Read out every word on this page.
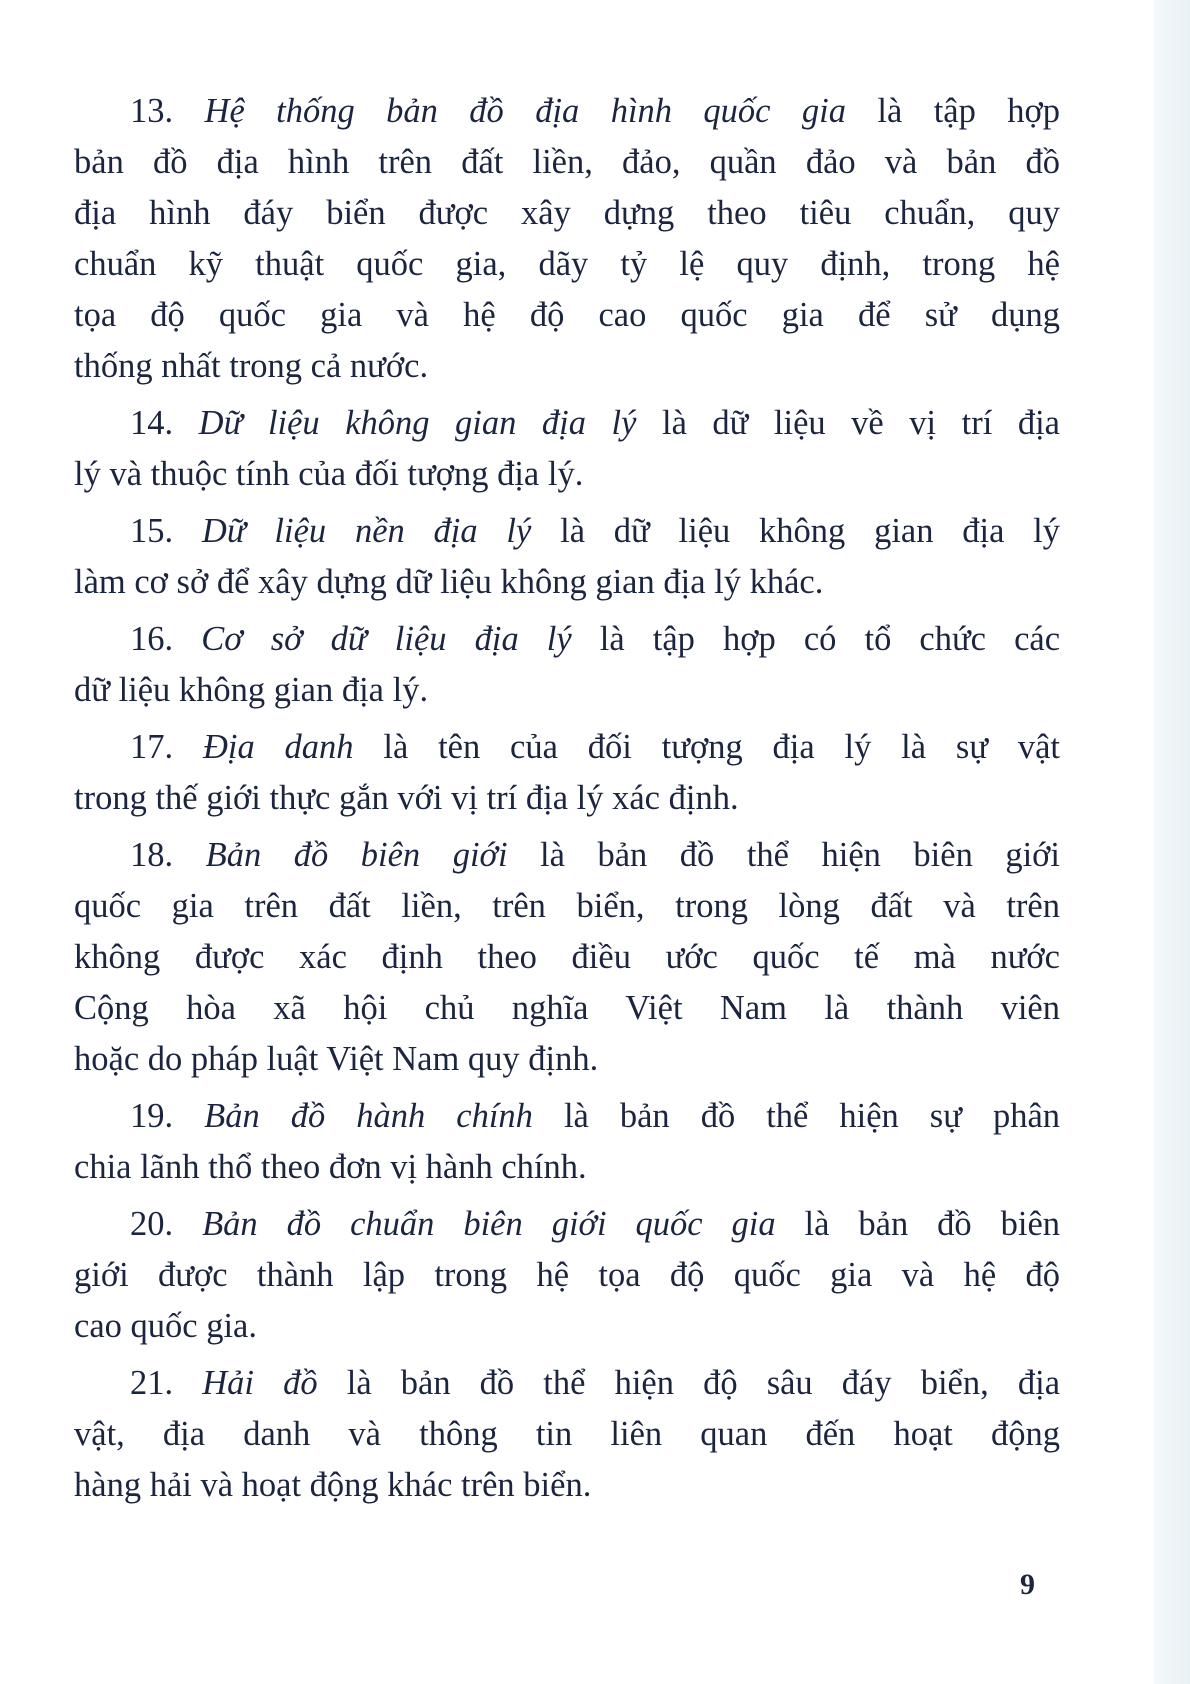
13. Hệ thống bản đồ địa hình quốc gia là tập hợp
bản đồ địa hình trên đất liền, đảo, quần đảo và bản đồ
địa hình đáy biển được xây dựng theo tiêu chuẩn, quy
chuẩn kỹ thuật quốc gia, dãy tỷ lệ quy định, trong hệ
tọa độ quốc gia và hệ độ cao quốc gia để sử dụng
thống nhất trong cả nước.
14. Dữ liệu không gian địa lý là dữ liệu về vị trí địa
lý và thuộc tính của đối tượng địa lý.
15. Dữ liệu nền địa lý là dữ liệu không gian địa lý
làm cơ sở để xây dựng dữ liệu không gian địa lý khác.
16. Cơ sở dữ liệu địa lý là tập hợp có tổ chức các
dữ liệu không gian địa lý.
17. Địa danh là tên của đối tượng địa lý là sự vật
trong thế giới thực gắn với vị trí địa lý xác định.
18. Bản đồ biên giới là bản đồ thể hiện biên giới
quốc gia trên đất liền, trên biển, trong lòng đất và trên
không được xác định theo điều ước quốc tế mà nước
Cộng hòa xã hội chủ nghĩa Việt Nam là thành viên
hoặc do pháp luật Việt Nam quy định.
19. Bản đồ hành chính là bản đồ thể hiện sự phân
chia lãnh thổ theo đơn vị hành chính.
20. Bản đồ chuẩn biên giới quốc gia là bản đồ biên
giới được thành lập trong hệ tọa độ quốc gia và hệ độ
cao quốc gia.
21. Hải đồ là bản đồ thể hiện độ sâu đáy biển, địa
vật, địa danh và thông tin liên quan đến hoạt động
hàng hải và hoạt động khác trên biển.
9
